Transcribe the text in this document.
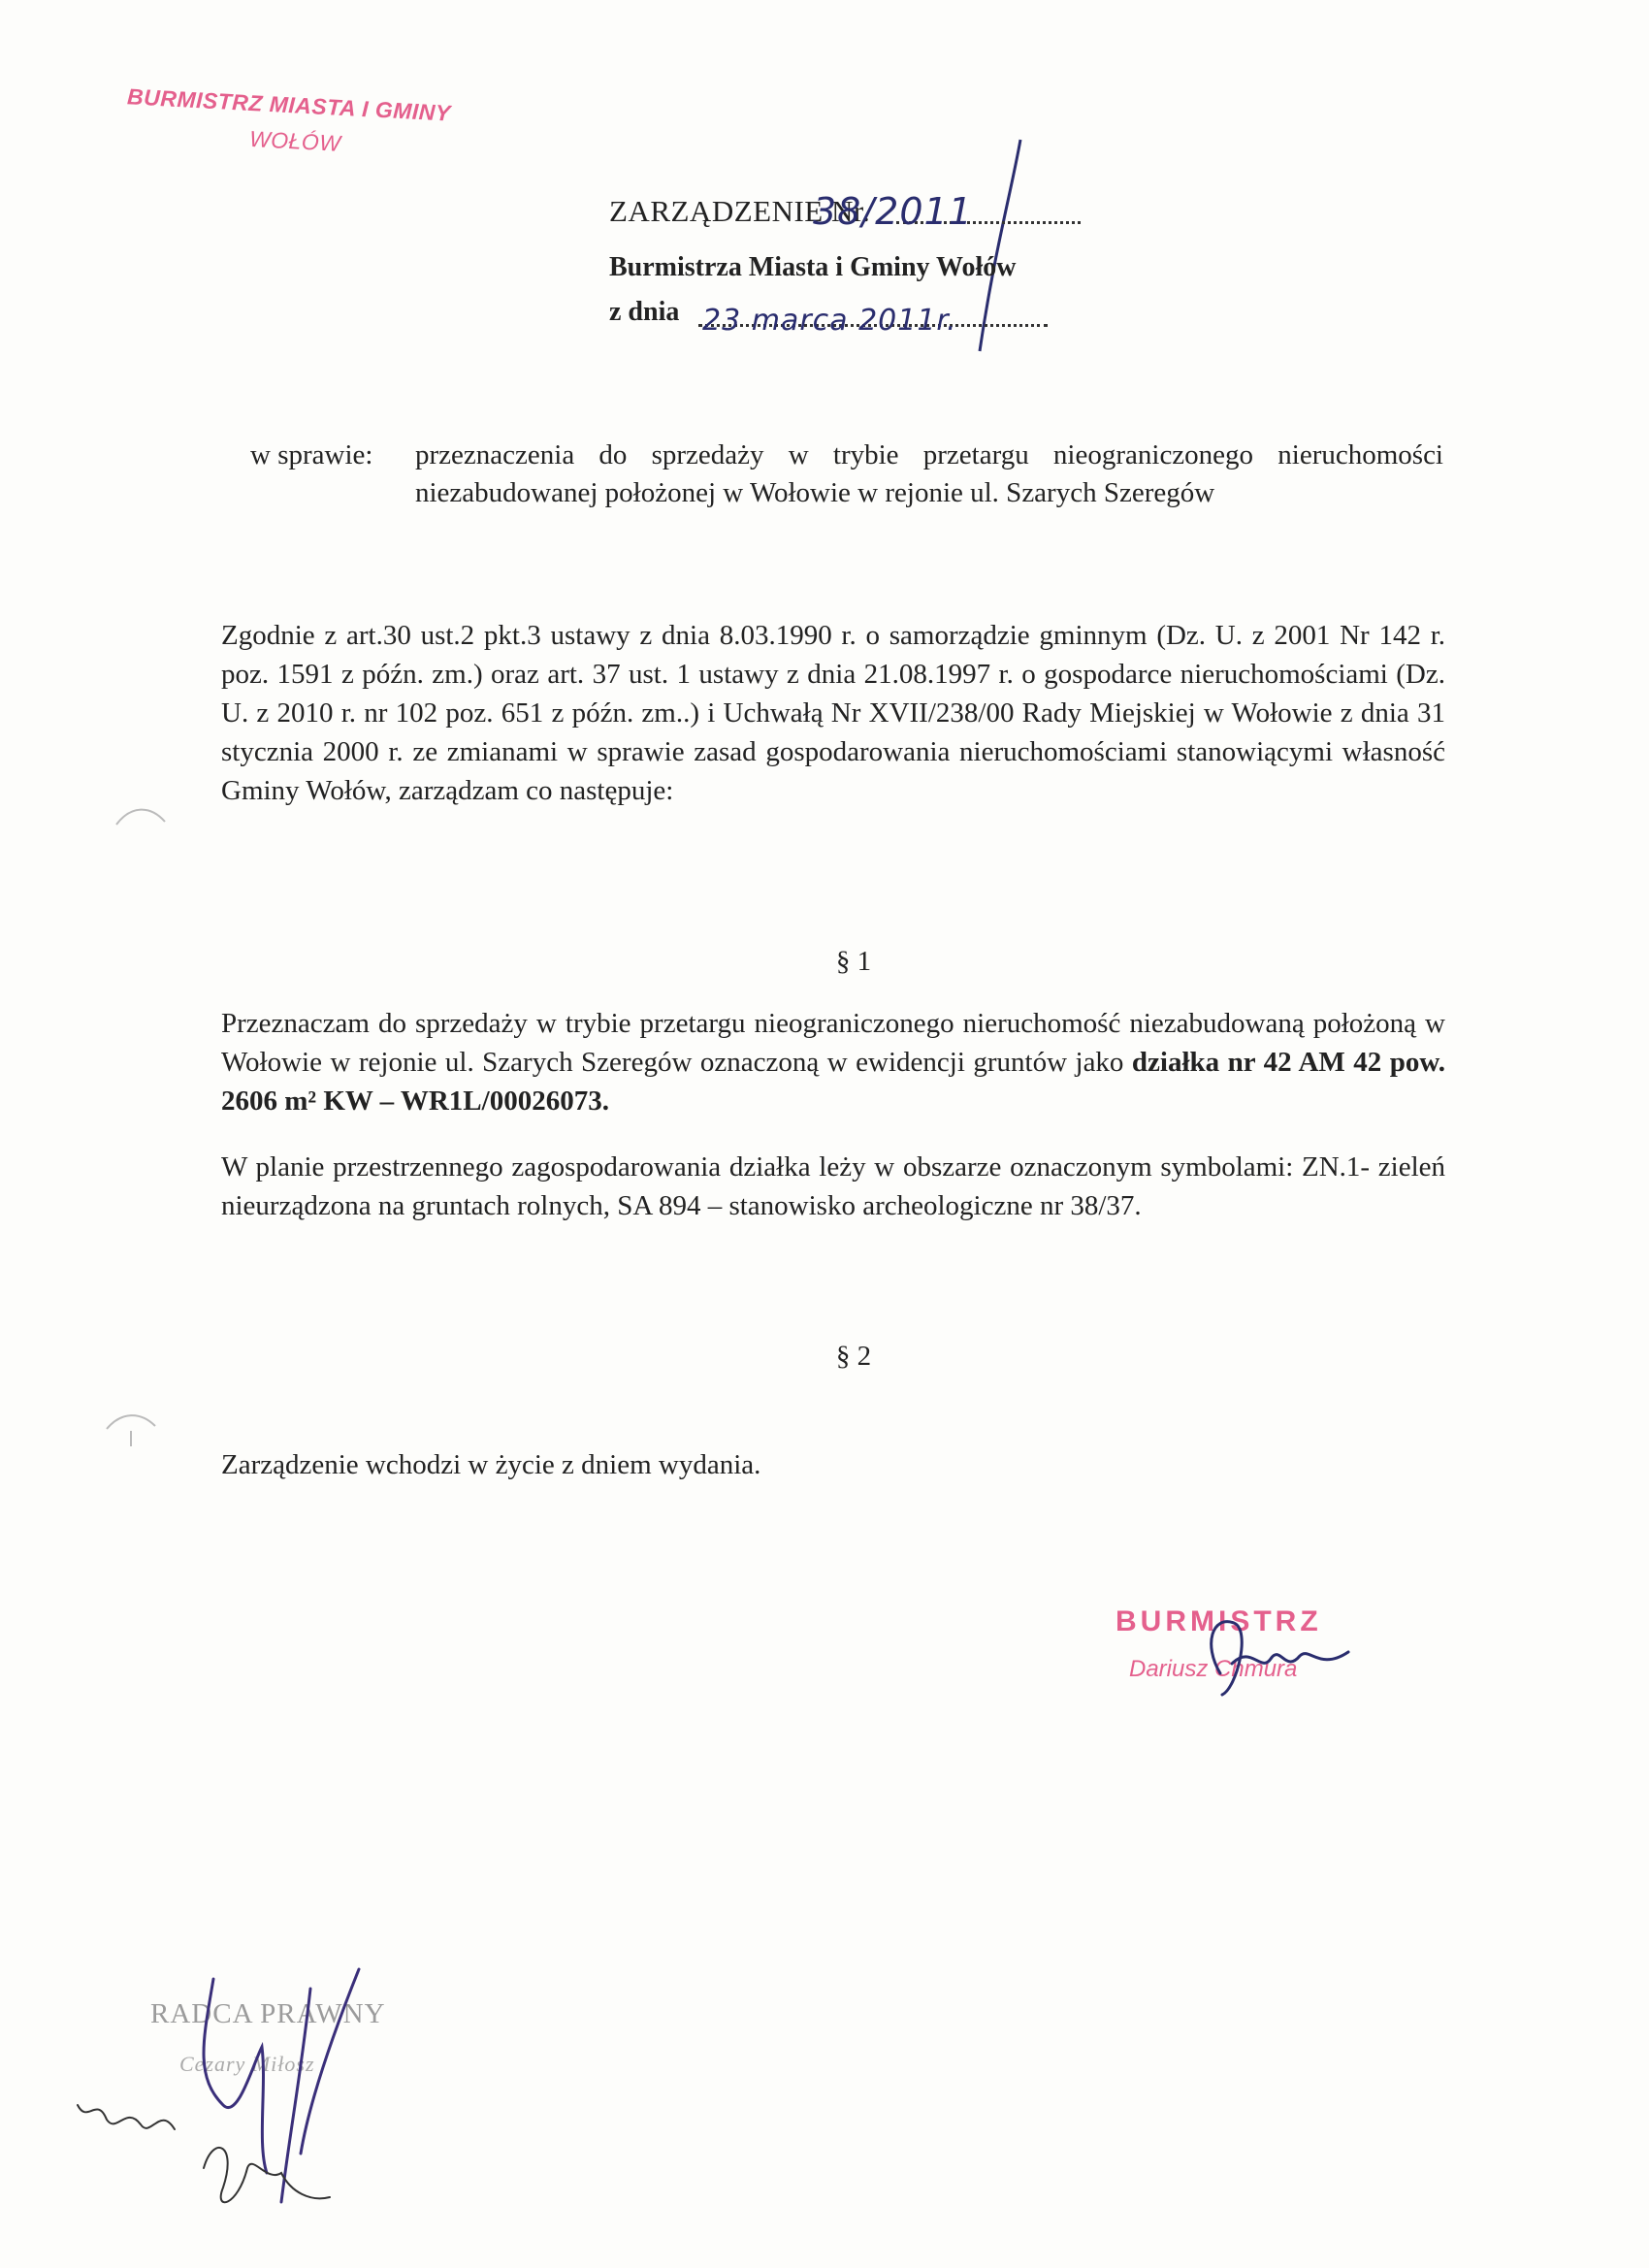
BURMISTRZ MIASTA I GMINY
WOŁÓW
ZARZĄDZENIE Nr.
Burmistrza Miasta i Gminy Wołów
z dnia
38/2011
23 marca 2011r.
w sprawie: przeznaczenia do sprzedaży w trybie przetargu nieograniczonego nieruchomości niezabudowanej położonej w Wołowie w rejonie ul. Szarych Szeregów
Zgodnie z art.30 ust.2 pkt.3 ustawy z dnia 8.03.1990 r. o samorządzie gminnym (Dz. U. z 2001 Nr 142 r. poz. 1591 z późn. zm.) oraz art. 37 ust. 1 ustawy z dnia 21.08.1997 r. o gospodarce nieruchomościami (Dz. U. z 2010 r. nr 102 poz. 651 z późn. zm..) i Uchwałą Nr XVII/238/00 Rady Miejskiej w Wołowie z dnia 31 stycznia 2000 r. ze zmianami w sprawie zasad gospodarowania nieruchomościami stanowiącymi własność Gminy Wołów, zarządzam co następuje:
§ 1
Przeznaczam do sprzedaży w trybie przetargu nieograniczonego nieruchomość niezabudowaną położoną w Wołowie w rejonie ul. Szarych Szeregów oznaczoną w ewidencji gruntów jako działka nr 42 AM 42 pow. 2606 m² KW – WR1L/00026073.
W planie przestrzennego zagospodarowania działka leży w obszarze oznaczonym symbolami: ZN.1- zieleń nieurządzona na gruntach rolnych, SA 894 – stanowisko archeologiczne nr 38/37.
§ 2
Zarządzenie wchodzi w życie z dniem wydania.
BURMISTRZ
Dariusz Chmura
RADCA PRAWNY
Cezary Miłosz
